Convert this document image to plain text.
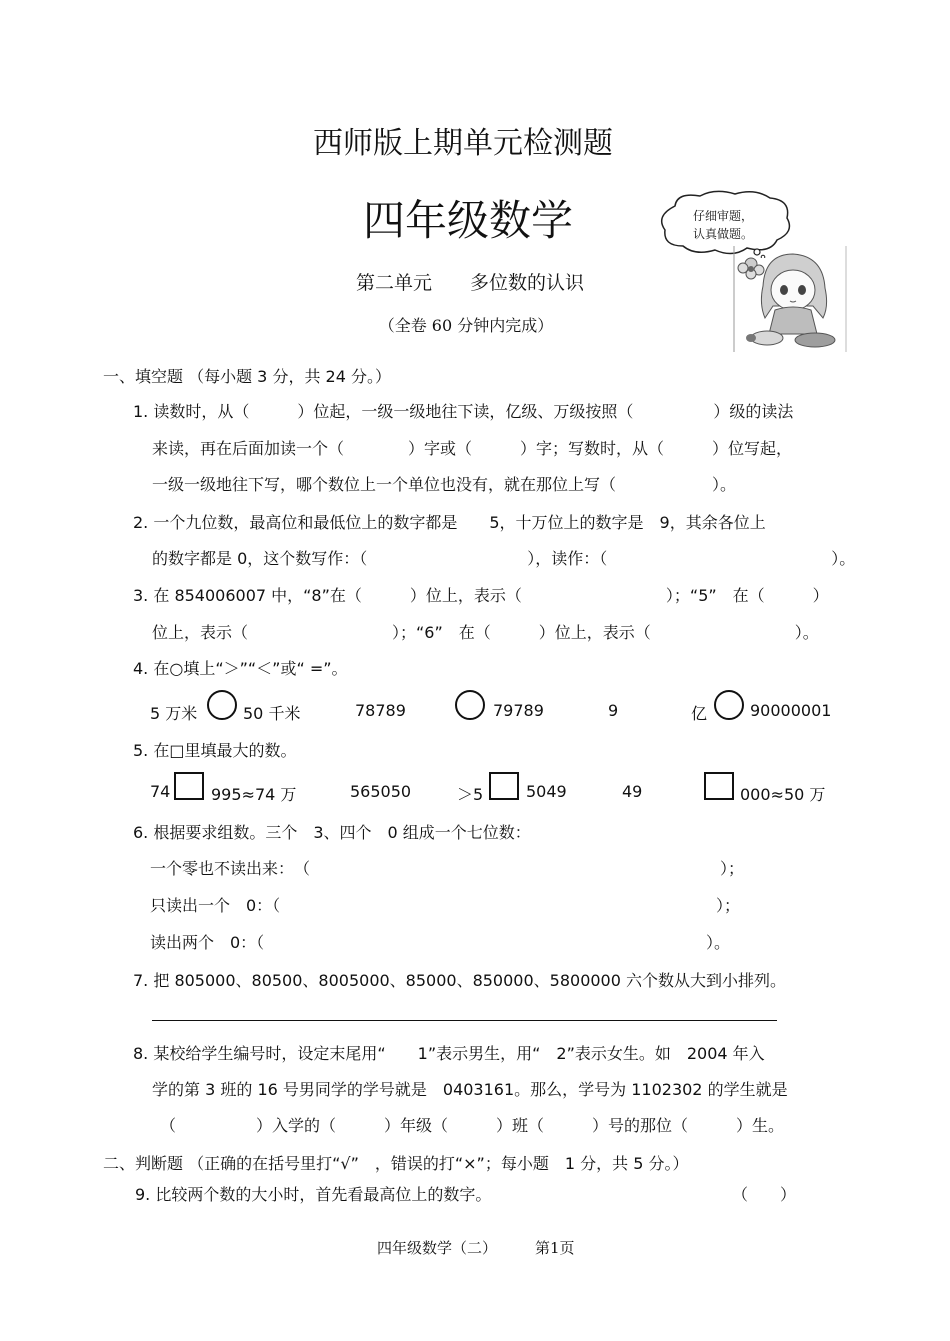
西师版上期单元检测题
四年级数学
第二单元　　多位数的认识
（全卷 60 分钟内完成）
仔细审题，
认真做题。
一、填空题 （每小题 3 分，共 24 分。）
1. 读数时，从（　　　）位起，一级一级地往下读，亿级、万级按照（　　　　　）级的读法
来读，再在后面加读一个（　　　　）字或（　　　）字；写数时，从（　　　）位写起，
一级一级地往下写，哪个数位上一个单位也没有，就在那位上写（　　　　　　）。
2. 一个九位数，最高位和最低位上的数字都是　　5，十万位上的数字是　9，其余各位上
的数字都是 0，这个数写作：（　　　　　　　　　　），读作：（　　　　　　　　　　　　　　）。
3. 在 854006007 中，“8”在（　　　）位上，表示（　　　　　　　　　）；“5”　在（　　　）
位上，表示（　　　　　　　　　）；“6”　在（　　　）位上，表示（　　　　　　　　　）。
4. 在○填上“＞”“＜”或“ =”。
5 万米	50 千米	78789	79789	9	亿	90000001
5. 在□里填最大的数。
74	995≈74 万	565050	＞5	5049	49	000≈50 万
6. 根据要求组数。三个　3、四个　0 组成一个七位数：
一个零也不读出来：　（	）；
只读出一个　0：（	）；
读出两个　0：（	）。
7. 把 805000、80500、8005000、85000、850000、5800000 六个数从大到小排列。
8. 某校给学生编号时，设定末尾用“　　1”表示男生，用“　2”表示女生。如　2004 年入
学的第 3 班的 16 号男同学的学号就是　0403161。那么，学号为 1102302 的学生就是
（　　　　　）入学的（　　　）年级（　　　）班（　　　）号的那位（　　　）生。
二、判断题 （正确的在括号里打“√”　，错误的打“×”；每小题　1 分，共 5 分。）
9. 比较两个数的大小时，首先看最高位上的数字。	（　　）
四年级数学（二）	第1页
